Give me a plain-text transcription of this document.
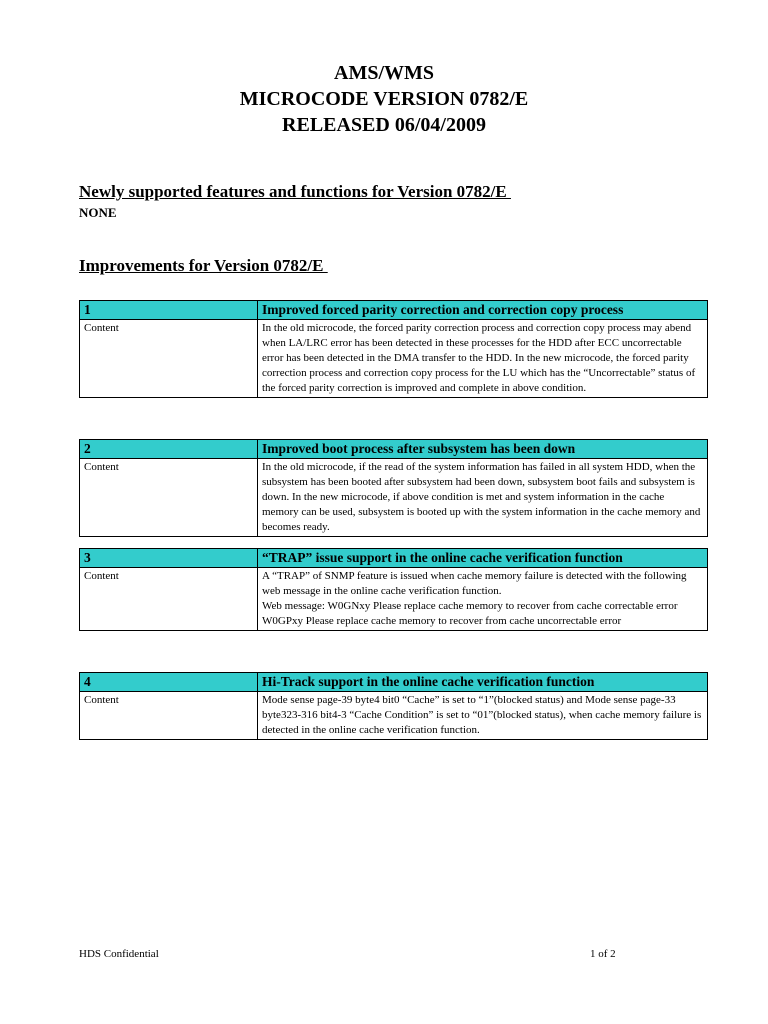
AMS/WMS
MICROCODE VERSION 0782/E
RELEASED 06/04/2009
Newly supported features and functions for Version 0782/E
NONE
Improvements for Version 0782/E
1	Improved forced parity correction and correction copy process
Content	In the old microcode, the forced parity correction process and correction copy process may abend when LA/LRC error has been detected in these processes for the HDD after ECC uncorrectable error has been detected in the DMA transfer to the HDD. In the new microcode, the forced parity correction process and correction copy process for the LU which has the “Uncorrectable” status of the forced parity correction is improved and complete in above condition.
2	Improved boot process after subsystem has been down
Content	In the old microcode, if the read of the system information has failed in all system HDD, when the subsystem has been booted after subsystem had been down, subsystem boot fails and subsystem is down. In the new microcode, if above condition is met and system information in the cache memory can be used, subsystem is booted up with the system information in the cache memory and becomes ready.
3	“TRAP” issue support in the online cache verification function
Content	A “TRAP” of SNMP feature is issued when cache memory failure is detected with the following web message in the online cache verification function.
Web message: W0GNxy Please replace cache memory to recover from cache correctable error
W0GPxy Please replace cache memory to recover from cache uncorrectable error
4	Hi-Track support in the online cache verification function
Content	Mode sense page-39 byte4 bit0 “Cache” is set to “1”(blocked status) and Mode sense page-33 byte323-316 bit4-3 “Cache Condition” is set to “01”(blocked status), when cache memory failure is detected in the online cache verification function.
HDS Confidential	1 of 2
